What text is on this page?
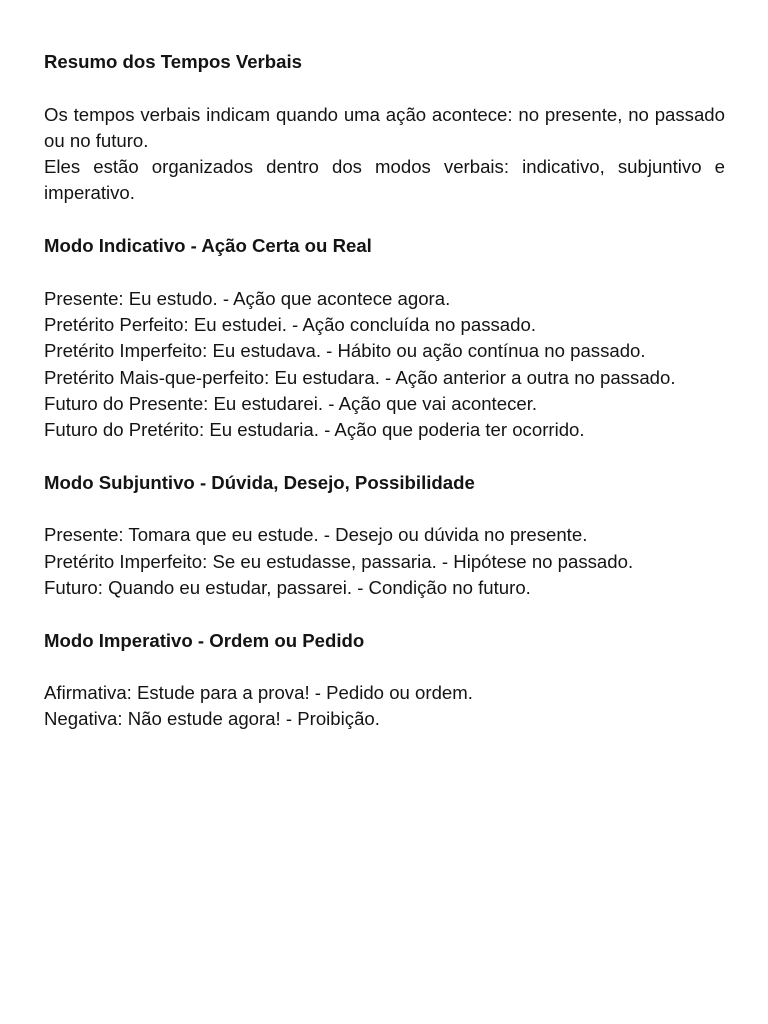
Resumo dos Tempos Verbais

Os tempos verbais indicam quando uma ação acontece: no presente, no passado ou no futuro.

Eles estão organizados dentro dos modos verbais: indicativo, subjuntivo e imperativo.

Modo Indicativo - Ação Certa ou Real

Presente: Eu estudo. - Ação que acontece agora.

Pretérito Perfeito: Eu estudei. - Ação concluída no passado.

Pretérito Imperfeito: Eu estudava. - Hábito ou ação contínua no passado.

Pretérito Mais-que-perfeito: Eu estudara. - Ação anterior a outra no passado.

Futuro do Presente: Eu estudarei. - Ação que vai acontecer.

Futuro do Pretérito: Eu estudaria. - Ação que poderia ter ocorrido.

Modo Subjuntivo - Dúvida, Desejo, Possibilidade

Presente: Tomara que eu estude. - Desejo ou dúvida no presente.

Pretérito Imperfeito: Se eu estudasse, passaria. - Hipótese no passado.

Futuro: Quando eu estudar, passarei. - Condição no futuro.

Modo Imperativo - Ordem ou Pedido

Afirmativa: Estude para a prova! - Pedido ou ordem.

Negativa: Não estude agora! - Proibição.
